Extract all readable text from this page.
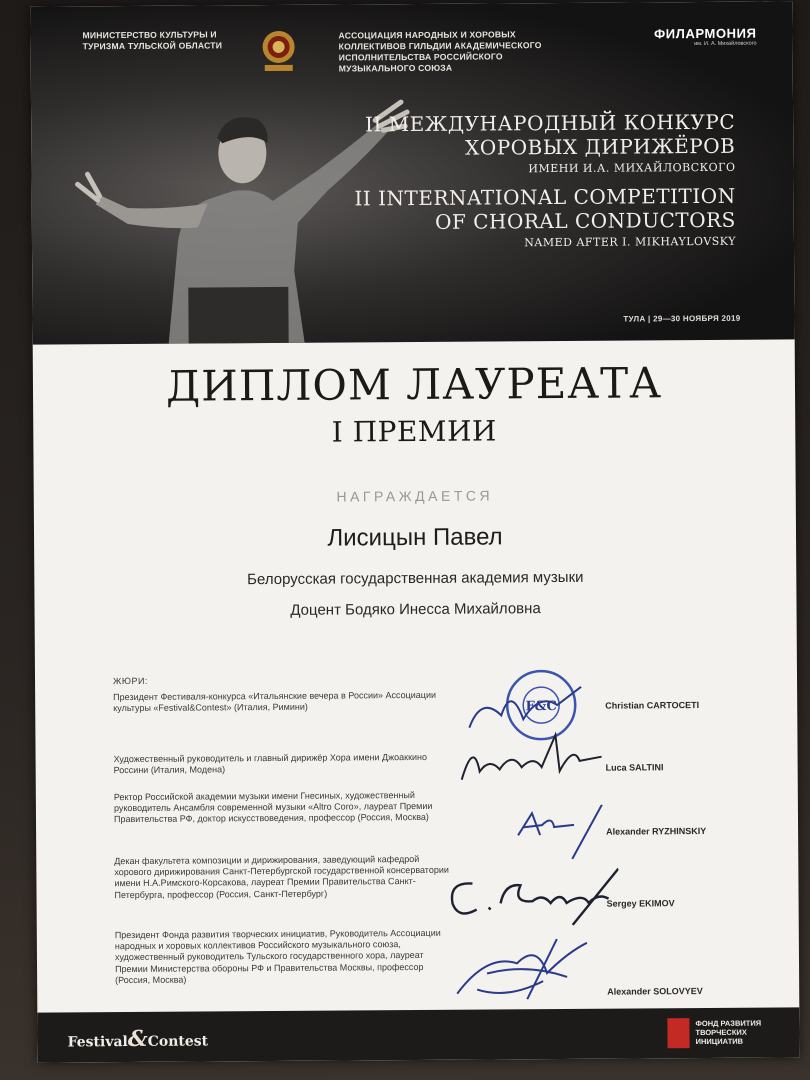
МИНИСТЕРСТВО КУЛЬТУРЫ И ТУРИЗМА ТУЛЬСКОЙ ОБЛАСТИ
АССОЦИАЦИЯ НАРОДНЫХ И ХОРОВЫХ КОЛЛЕКТИВОВ ГИЛЬДИИ АКАДЕМИЧЕСКОГО ИСПОЛНИТЕЛЬСТВА РОССИЙСКОГО МУЗЫКАЛЬНОГО СОЮЗА
ФИЛАРМОНИЯ
им. И. А. Михайловского
II МЕЖДУНАРОДНЫЙ КОНКУРС
ХОРОВЫХ ДИРИЖЁРОВ
ИМЕНИ И.А. МИХАЙЛОВСКОГО
II INTERNATIONAL COMPETITION
OF CHORAL CONDUCTORS
NAMED AFTER I. MIKHAYLOVSKY
ТУЛА | 29—30 НОЯБРЯ 2019
ДИПЛОМ ЛАУРЕАТА
I ПРЕМИИ
НАГРАЖДАЕТСЯ
Лисицын Павел
Белорусская государственная академия музыки
Доцент Бодяко Инесса Михайловна
ЖЮРИ:
Президент Фестиваля-конкурса «Итальянские вечера в России» Ассоциации культуры «Festival&Contest» (Италия, Римини)	Christian CARTOCETI
Художественный руководитель и главный дирижёр Хора имени Джоаккино Россини (Италия, Модена)	Luca SALTINI
Ректор Российской академии музыки имени Гнесиных, художественный руководитель Ансамбля современной музыки «Altro Coro», лауреат Премии Правительства РФ, доктор искусствоведения, профессор (Россия, Москва)
Alexander RYZHINSKIY
Декан факультета композиции и дирижирования, заведующий кафедрой хорового дирижирования Санкт-Петербургской государственной консерватории имени Н.А.Римского-Корсакова, лауреат Премии Правительства Санкт-Петербурга, профессор (Россия, Санкт-Петербург)
Sergey EKIMOV
Президент Фонда развития творческих инициатив, Руководитель Ассоциации народных и хоровых коллективов Российского музыкального союза, художественный руководитель Тульского государственного хора, лауреат Премии Министерства обороны РФ и Правительства Москвы, профессор (Россия, Москва)
Alexander SOLOVYEV
F&C
Festival&Contest
ФОНД РАЗВИТИЯ ТВОРЧЕСКИХ ИНИЦИАТИВ
